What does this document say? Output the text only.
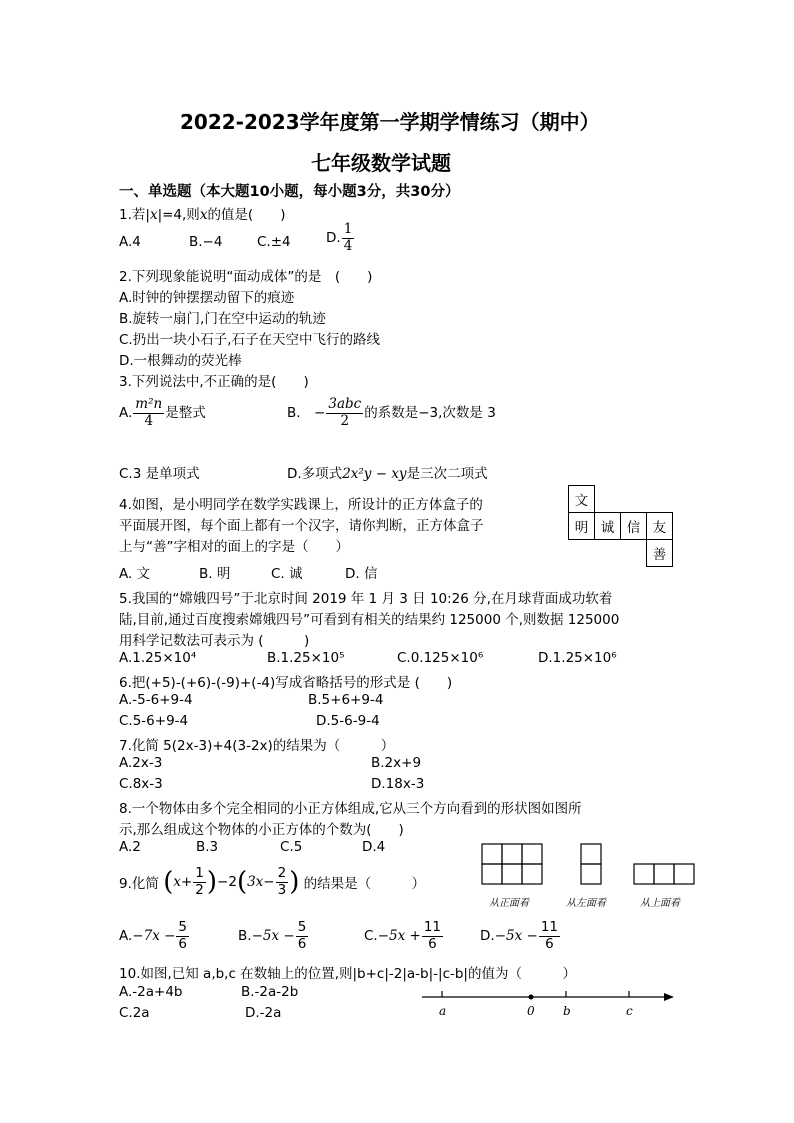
2022-2023学年度第一学期学情练习（期中）
七年级数学试题
一、单选题（本大题10小题，每小题3分，共30分）
1.若|x|=4,则x的值是(　　)
A.4	B.−4	C.±4	D. $\frac{1}{4}$
2.下列现象能说明“面动成体”的是　(　　)
A.时钟的钟摆摆动留下的痕迹
B.旋转一扇门,门在空中运动的轨迹
C.扔出一块小石子,石子在天空中飞行的路线
D.一根舞动的荧光棒
3.下列说法中,不正确的是(　　)
A. $\frac{\text{m²n}}{4}$ 是整式	B.　− $\frac{\text{3abc}}{2}$ 的系数是−3,次数是 3
C.3 是单项式	D.多项式2x²y − xy是三次二项式
4.如图，是小明同学在数学实践课上，所设计的正方体盒子的
平面展开图，每个面上都有一个汉字，请你判断，正方体盒子
上与“善”字相对的面上的字是（　　）
A. 文	B. 明	C. 诚	D. 信
文			
明	诚	信	友
			善
5.我国的“嫦娥四号”于北京时间 2019 年 1 月 3 日 10:26 分,在月球背面成功软着
陆,目前,通过百度搜索嫦娥四号”可看到有相关的结果约 125000 个,则数据 125000
用科学记数法可表示为 (　　　)
A.1.25×10⁴	B.1.25×10⁵	C.0.125×10⁶	D.1.25×10⁶
6.把(+5)-(+6)-(-9)+(-4)写成省略括号的形式是 (　　)
A.-5-6+9-4	B.5+6+9-4
C.5-6+9-4	D.5-6-9-4
7.化简 5(2x-3)+4(3-2x)的结果为（　　　）
A.2x-3	B.2x+9
C.8x-3	D.18x-3
8.一个物体由多个完全相同的小正方体组成,它从三个方向看到的形状图如图所
示,那么组成这个物体的小正方体的个数为(　　)
A.2	B.3	C.5	D.4
从正面看	从左面看	从上面看
9.化简 $(x+ \frac{1}{2} )-2(3x- \frac{2}{3}$ ) 的结果是（　　　）
$A.-7x - \frac{5}{6}$	$B.-5x - \frac{5}{6}$	$C.-5x + \frac{11}{6}$	$D.-5x - \frac{11}{6}$
10.如图,已知 a,b,c 在数轴上的位置,则|b+c|-2|a-b|-|c-b|的值为（　　　）
A.-2a+4b	B.-2a-2b
C.2a	D.-2a	a	0 b	c
